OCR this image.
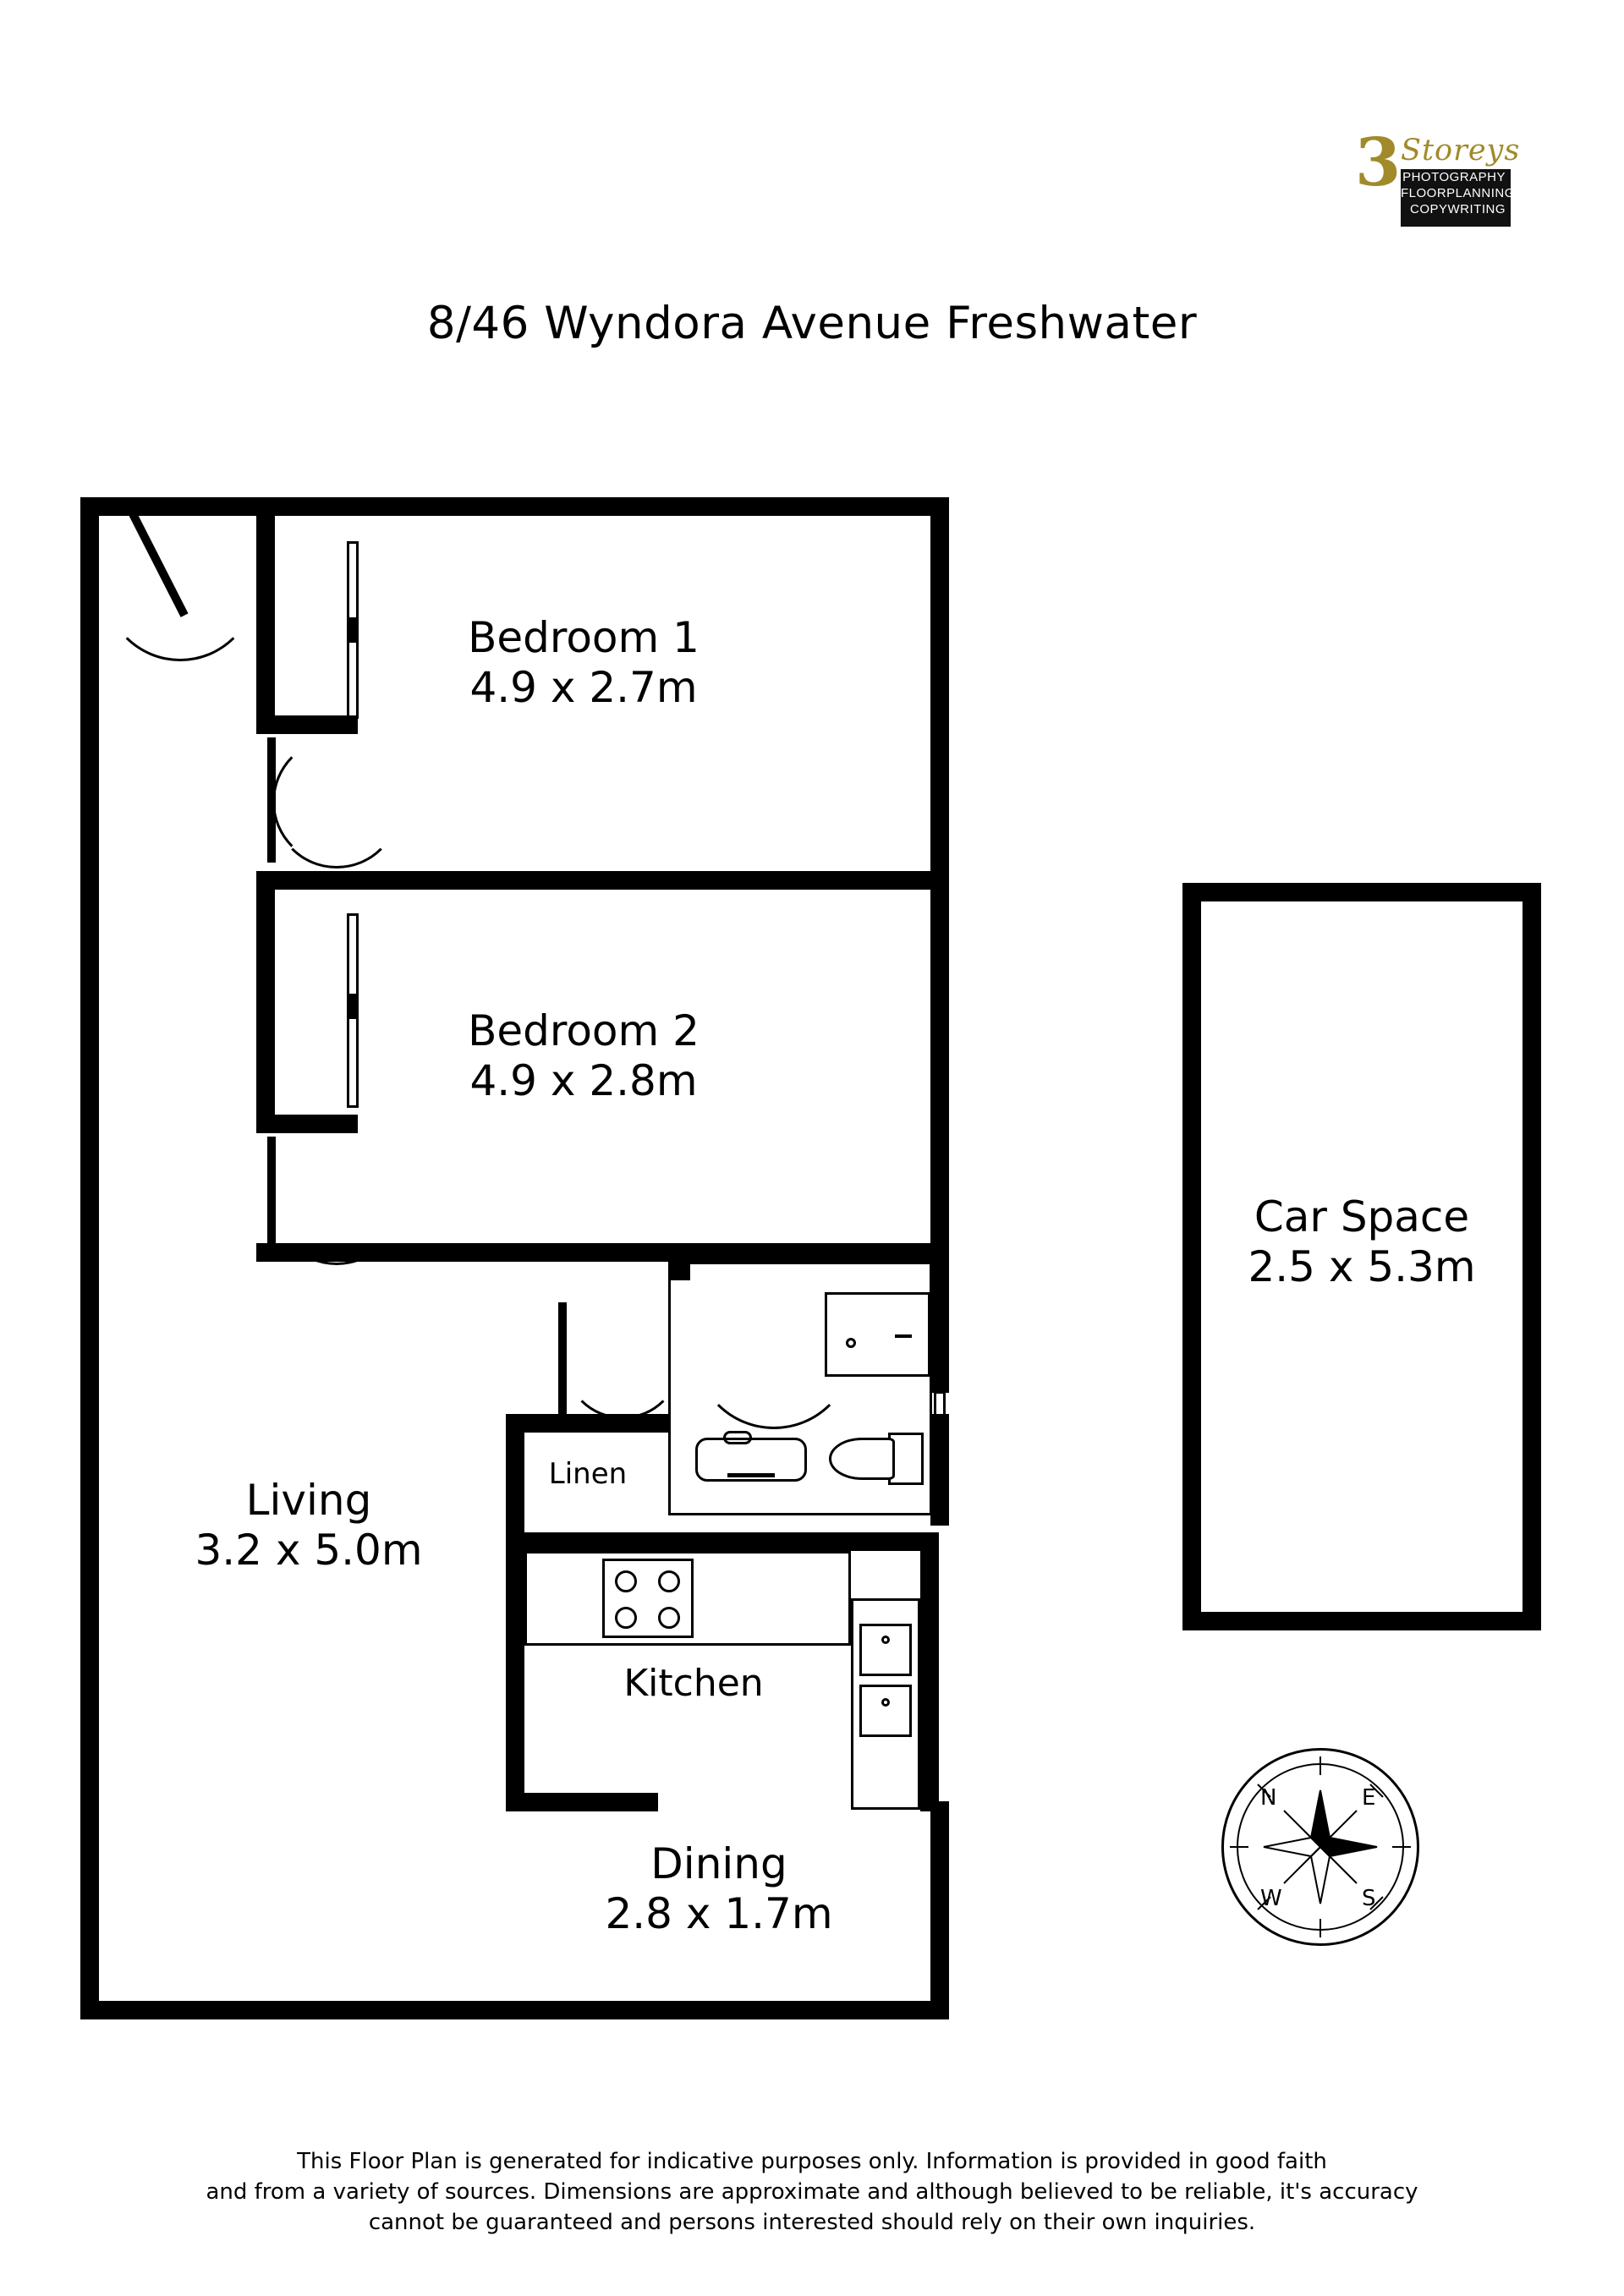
3 Storeys
PHOTOGRAPHY
FLOORPLANNING
COPYWRITING
8/46 Wyndora Avenue Freshwater
Bedroom 1
4.9 x 2.7m
Bedroom 2
4.9 x 2.8m
Linen
Kitchen
Living
3.2 x 5.0m
Dining
2.8 x 1.7m
Car Space
2.5 x 5.3m
N	E
S
W
This Floor Plan is generated for indicative purposes only. Information is provided in good faith
and from a variety of sources. Dimensions are approximate and although believed to be reliable, it's accuracy
cannot be guaranteed and persons interested should rely on their own inquiries.
